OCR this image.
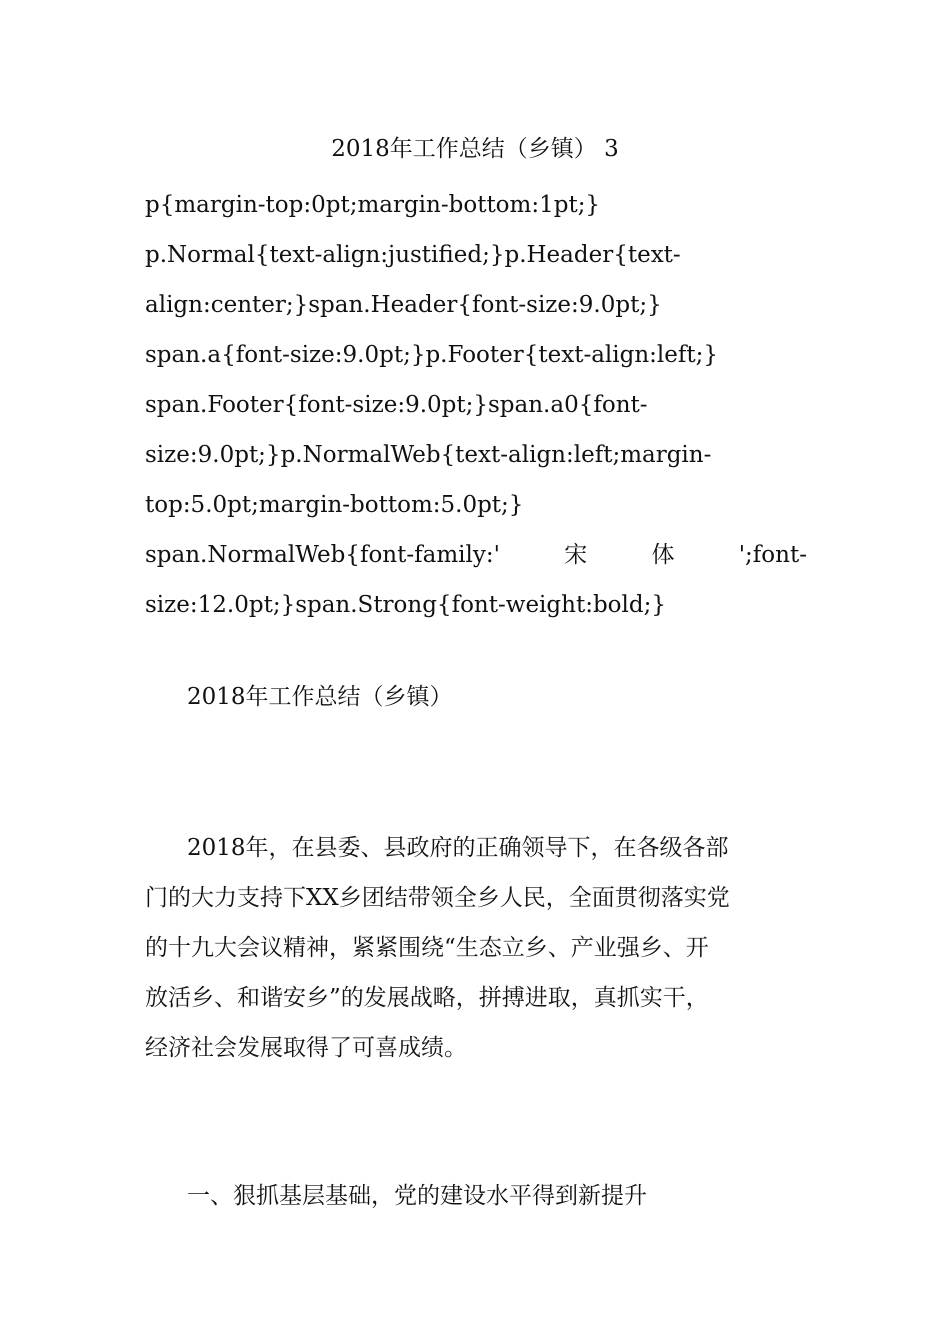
2018年工作总结（乡镇） 3
p{margin-top:0pt;margin-bottom:1pt;}
p.Normal{text-align:justified;}p.Header{text-
align:center;}span.Header{font-size:9.0pt;}
span.a{font-size:9.0pt;}p.Footer{text-align:left;}
span.Footer{font-size:9.0pt;}span.a0{font-
size:9.0pt;}p.NormalWeb{text-align:left;margin-
top:5.0pt;margin-bottom:5.0pt;}
span.NormalWeb{font-family:'	宋	体	';font-
size:12.0pt;}span.Strong{font-weight:bold;}
2018年工作总结（乡镇）
2018年，在县委、县政府的正确领导下，在各级各部
门的大力支持下XX乡团结带领全乡人民，全面贯彻落实党
的十九大会议精神，紧紧围绕“生态立乡、产业强乡、开
放活乡、和谐安乡”的发展战略，拼搏进取，真抓实干，
经济社会发展取得了可喜成绩。
一、狠抓基层基础，党的建设水平得到新提升
